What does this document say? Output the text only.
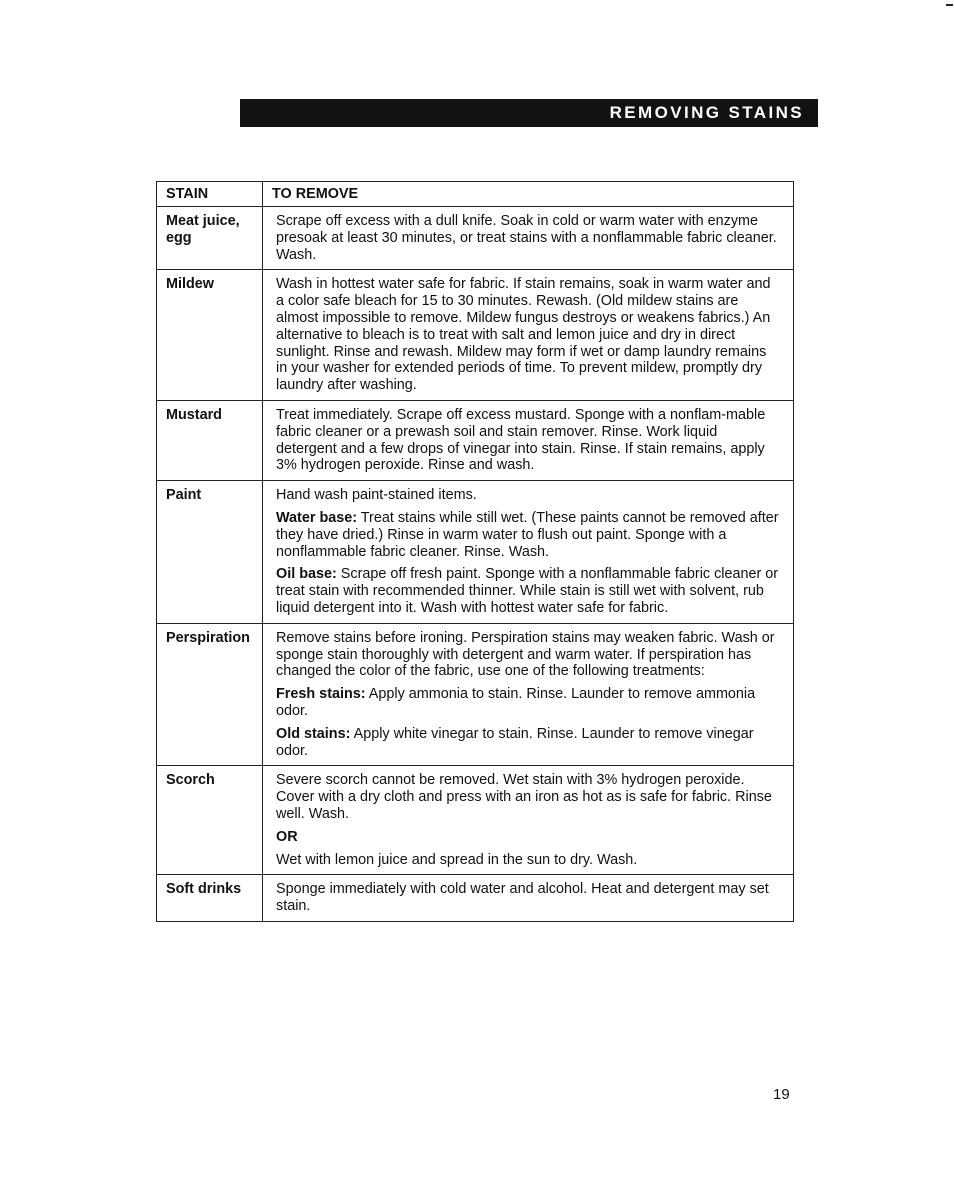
REMOVING STAINS
STAIN	TO REMOVE
Meat juice, egg	Scrape off excess with a dull knife. Soak in cold or warm water with enzyme presoak at least 30 minutes, or treat stains with a nonflammable fabric cleaner. Wash.

Mildew	Wash in hottest water safe for fabric. If stain remains, soak in warm water and a color safe bleach for 15 to 30 minutes. Rewash. (Old mildew stains are almost impossible to remove. Mildew fungus destroys or weakens fabrics.) An alternative to bleach is to treat with salt and lemon juice and dry in direct sunlight. Rinse and rewash. Mildew may form if wet or damp laundry remains in your washer for extended periods of time. To prevent mildew, promptly dry laundry after washing.

Mustard	Treat immediately. Scrape off excess mustard. Sponge with a nonflam-mable fabric cleaner or a prewash soil and stain remover. Rinse. Work liquid detergent and a few drops of vinegar into stain. Rinse. If stain remains, apply 3% hydrogen peroxide. Rinse and wash.

Paint	Hand wash paint-stained items.

Water base: Treat stains while still wet. (These paints cannot be removed after they have dried.) Rinse in warm water to flush out paint. Sponge with a nonflammable fabric cleaner. Rinse. Wash.

Oil base: Scrape off fresh paint. Sponge with a nonflammable fabric cleaner or treat stain with recommended thinner. While stain is still wet with solvent, rub liquid detergent into it. Wash with hottest water safe for fabric.

Perspiration	Remove stains before ironing. Perspiration stains may weaken fabric. Wash or sponge stain thoroughly with detergent and warm water. If perspiration has changed the color of the fabric, use one of the following treatments:

Fresh stains: Apply ammonia to stain. Rinse. Launder to remove ammonia odor.

Old stains: Apply white vinegar to stain. Rinse. Launder to remove vinegar odor.

Scorch	Severe scorch cannot be removed. Wet stain with 3% hydrogen peroxide. Cover with a dry cloth and press with an iron as hot as is safe for fabric. Rinse well. Wash.

OR

Wet with lemon juice and spread in the sun to dry. Wash.

Soft drinks	Sponge immediately with cold water and alcohol. Heat and detergent may set stain.

19
